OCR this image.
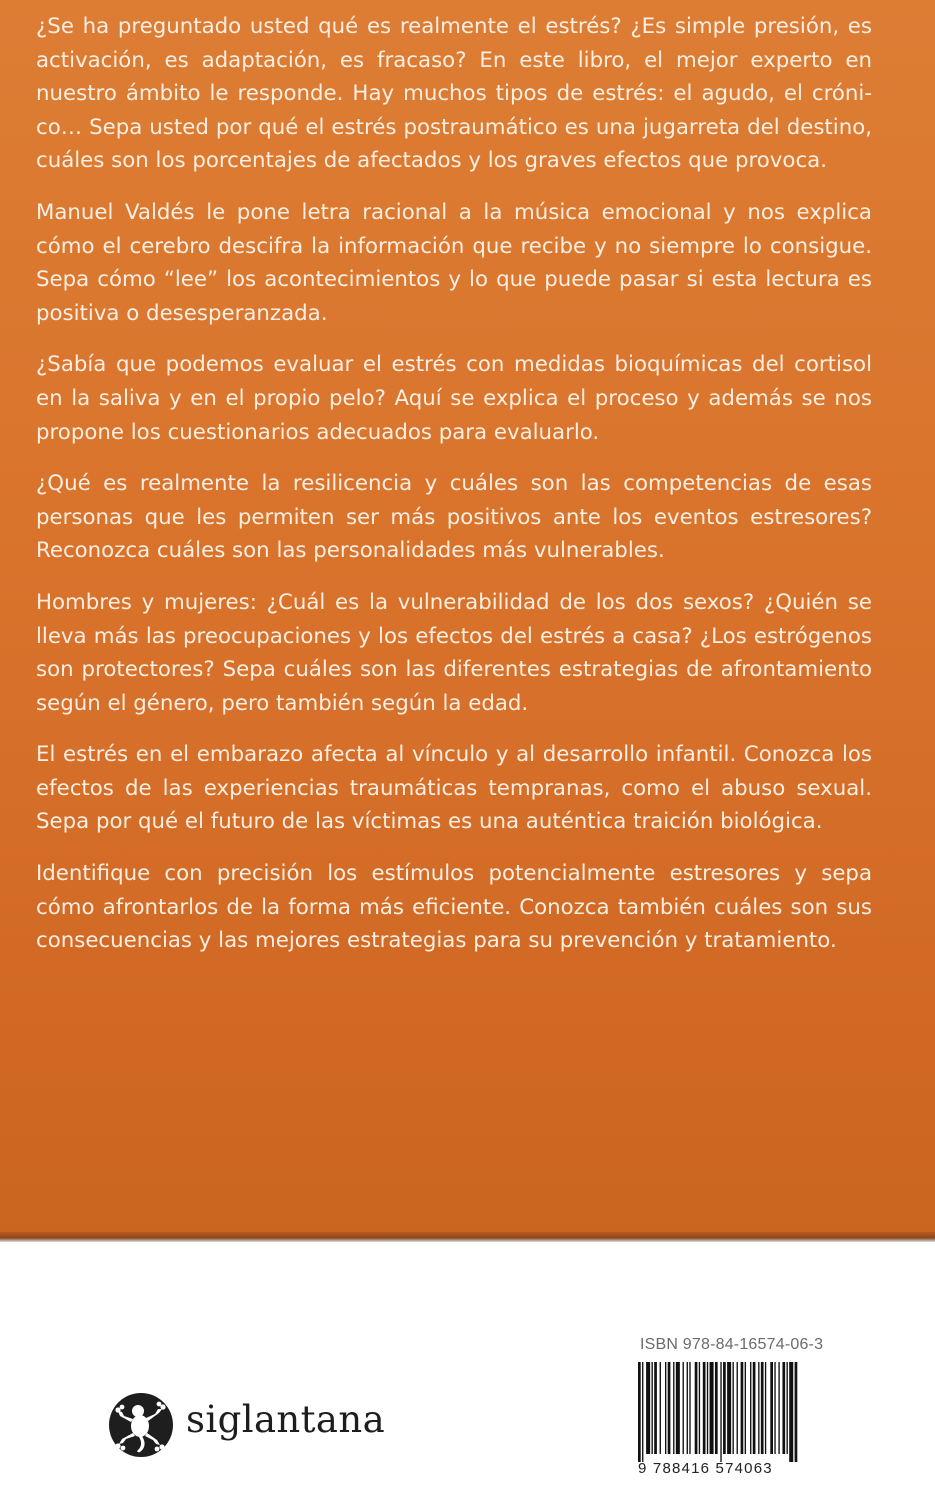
¿Se ha preguntado usted qué es realmente el estrés? ¿Es simple presión, es activación, es adaptación, es fracaso? En este libro, el mejor experto en nuestro ámbito le responde. Hay muchos tipos de estrés: el agudo, el crónico… Sepa usted por qué el estrés postraumático es una jugarreta del destino, cuáles son los porcentajes de afectados y los graves efectos que provoca.

Manuel Valdés le pone letra racional a la música emocional y nos explica cómo el cerebro descifra la información que recibe y no siempre lo consigue. Sepa cómo “lee” los acontecimientos y lo que puede pasar si esta lectura es positiva o desesperanzada.

¿Sabía que podemos evaluar el estrés con medidas bioquímicas del cortisol en la saliva y en el propio pelo? Aquí se explica el proceso y además se nos propone los cuestionarios adecuados para evaluarlo.

¿Qué es realmente la resilicencia y cuáles son las competencias de esas personas que les permiten ser más positivos ante los eventos estresores? Reconozca cuáles son las personalidades más vulnerables.

Hombres y mujeres: ¿Cuál es la vulnerabilidad de los dos sexos? ¿Quién se lleva más las preocupaciones y los efectos del estrés a casa? ¿Los estrógenos son protectores? Sepa cuáles son las diferentes estrategias de afrontamiento según el género, pero también según la edad.

El estrés en el embarazo afecta al vínculo y al desarrollo infantil. Conozca los efectos de las experiencias traumáticas tempranas, como el abuso sexual. Sepa por qué el futuro de las víctimas es una auténtica traición biológica.

Identifique con precisión los estímulos potencialmente estresores y sepa cómo afrontarlos de la forma más eficiente. Conozca también cuáles son sus consecuencias y las mejores estrategias para su prevención y tratamiento.

ISBN 978-84-16574-06-3
9 788416 574063
siglantana
